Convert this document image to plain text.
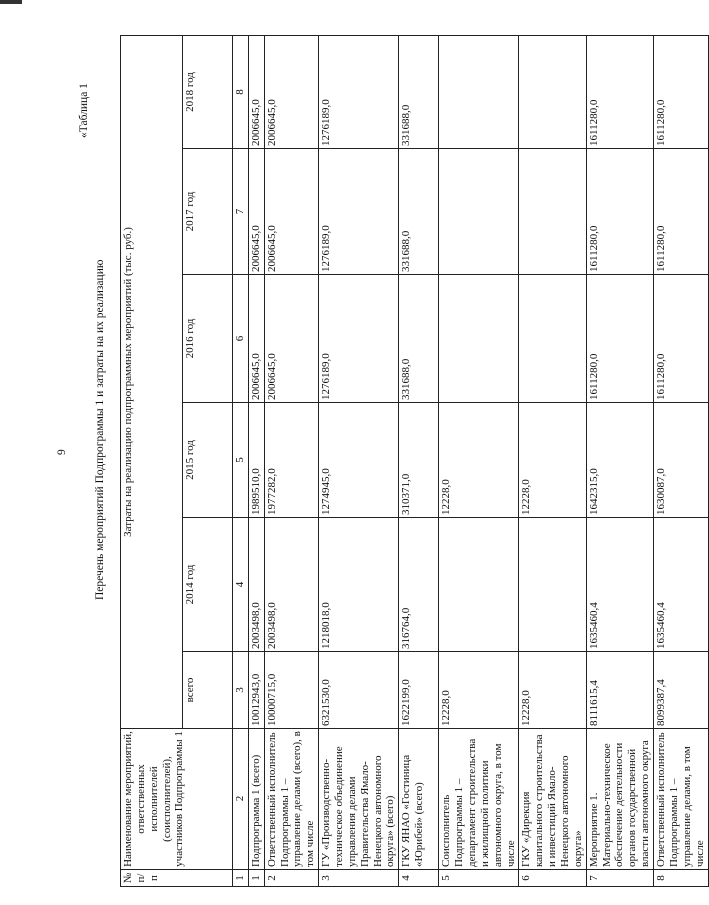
9
«Таблица 1
Перечень мероприятий Подпрограммы 1 и затраты на их реализацию
№ п/п	Наименование мероприятий, ответственных исполнителей (соисполнителей), участников Подпрограммы 1	Затраты на реализацию подпрограммных мероприятий (тыс. руб.)					
		всего	2014 год	2015 год	2016 год	2017 год	2018 год
1	2	3	4	5	6	7	8
1	Подпрограмма 1 (всего)	10012943,0	2003498,0	1989510,0	2006645,0	2006645,0	2006645,0
2	Ответственный исполнитель Подпрограммы 1 – управление делами (всего), в том числе	10000715,0	2003498,0	1977282,0	2006645,0	2006645,0	2006645,0
3	ГУ «Производственно-техническое объединение управления делами Правительства Ямало-Ненецкого автономного округа» (всего)	6321530,0	1218018,0	1274945,0	1276189,0	1276189,0	1276189,0
4	ГКУ ЯНАО «Гостиница «Юрибей» (всего)	1622199,0	316764,0	310371,0	331688,0	331688,0	331688,0
5	Соисполнитель Подпрограммы 1 – департамент строительства и жилищной политики автономного округа, в том числе	12228,0		12228,0			
6	ГКУ «Дирекция капитального строительства и инвестиций Ямало-Ненецкого автономного округа»	12228,0		12228,0			
7	Мероприятие 1. Материально-техническое обеспечение деятельности органов государственной власти автономного округа	8111615,4	1635460,4	1642315,0	1611280,0	1611280,0	1611280,0
8	Ответственный исполнитель Подпрограммы 1 – управление делами, в том числе	8099387,4	1635460,4	1630087,0	1611280,0	1611280,0	1611280,0
